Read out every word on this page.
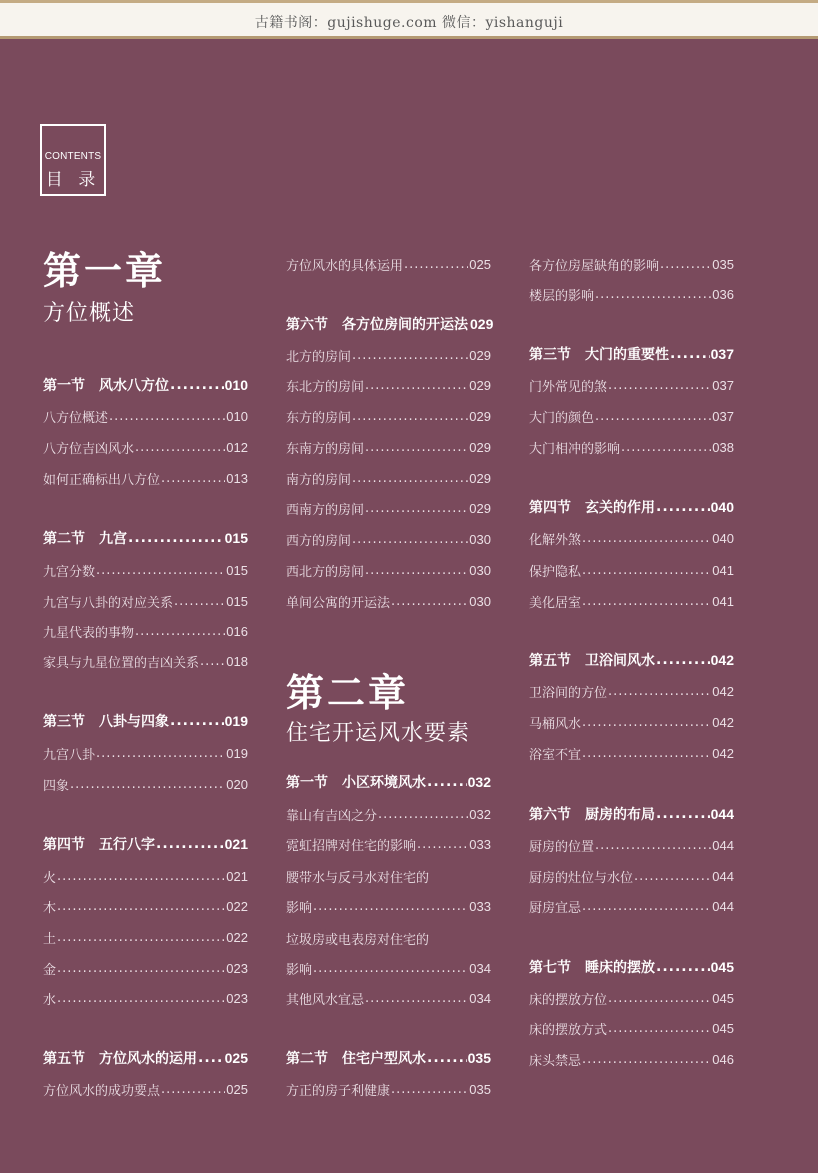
古籍书阁：gujishuge.com 微信：yishanguji
CONTENTS
目 录
第一章
方位概述
第一节　风水八方位 .....	010
八方位概述 .....	010
八方位吉凶风水 .....	012
如何正确标出八方位 .....	013
第二节　九宫 .....	015
九宫分数 .....	015
九宫与八卦的对应关系 .....	015
九星代表的事物 .....	016
家具与九星位置的吉凶关系 ..... 018
第三节　八卦与四象 .....	019
九宫八卦 .....	019
四象 .....	020
第四节　五行八字 .....	021
火 .....	021
木 .....	022
土 .....	022
金 .....	023
水 .....	023
第五节　方位风水的运用 ..... 025
方位风水的成功要点 .....	025
第二章
住宅开运风水要素
方位风水的具体运用 .....	025
第六节　各方位房间的开运法 029
北方的房间 .....	029
东北方的房间 .....	029
东方的房间 .....	029
东南方的房间 .....	029
南方的房间 .....	029
西南方的房间 .....	029
西方的房间 .....	030
西北方的房间 .....	030
单间公寓的开运法 .....	030
第一节　小区环境风水 .....	032
靠山有吉凶之分 .....	032
霓虹招牌对住宅的影响 .....	033
腰带水与反弓水对住宅的
影响 .....	033
垃圾房或电表房对住宅的
影响 .....	034
其他风水宜忌 .....	034
第二节　住宅户型风水 .....	035
方正的房子利健康 .....	035
各方位房屋缺角的影响 .....	035
楼层的影响 .....	036
第三节　大门的重要性 .....	037
门外常见的煞 .....	037
大门的颜色 .....	037
大门相冲的影响 .....	038
第四节　玄关的作用 .....	040
化解外煞 .....	040
保护隐私 .....	041
美化居室 .....	041
第五节　卫浴间风水 .....	042
卫浴间的方位 .....	042
马桶风水 .....	042
浴室不宜 .....	042
第六节　厨房的布局 .....	044
厨房的位置 .....	044
厨房的灶位与水位 .....	044
厨房宜忌 .....	044
第七节　睡床的摆放 .....	045
床的摆放方位 .....	045
床的摆放方式 .....	045
床头禁忌 .....	046
